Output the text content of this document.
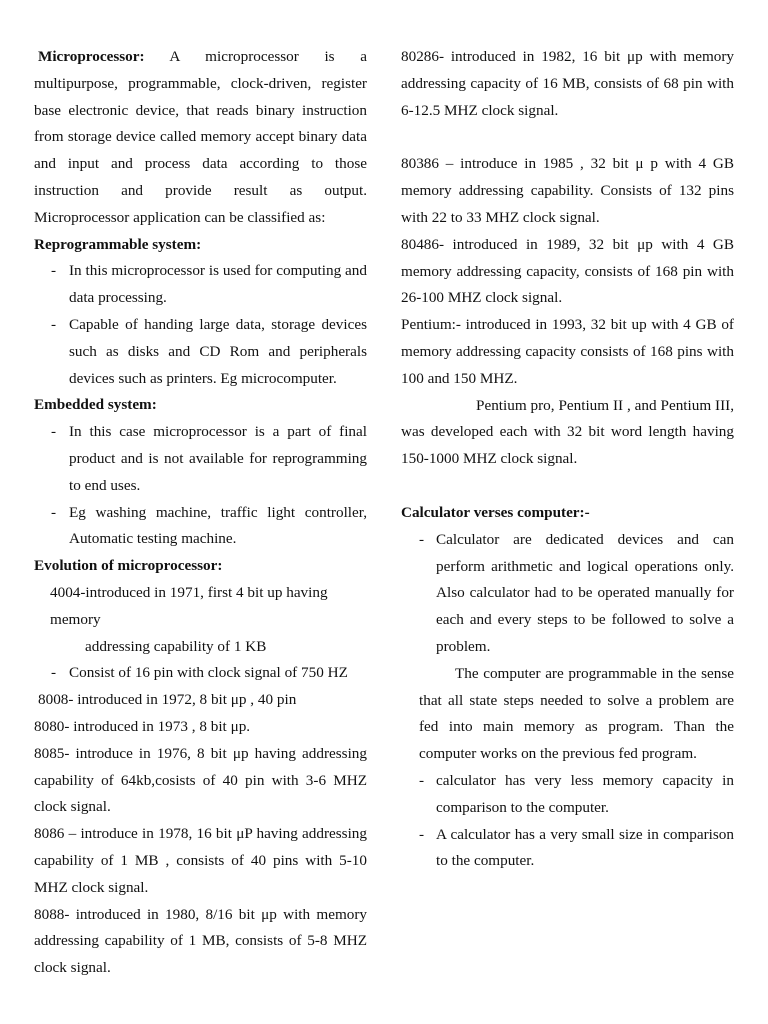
Microprocessor: A microprocessor is a multipurpose, programmable, clock-driven, register base electronic device, that reads binary instruction from storage device called memory accept binary data and input and process data according to those instruction and provide result as output. Microprocessor application can be classified as:

Reprogrammable system:

- In this microprocessor is used for computing and data processing.
- Capable of handing large data, storage devices such as disks and CD Rom and peripherals devices such as printers. Eg microcomputer.

Embedded system:

- In this case microprocessor is a part of final product and is not available for reprogramming to end uses.
- Eg washing machine, traffic light controller, Automatic testing machine.

Evolution of microprocessor:

4004-introduced in 1971, first 4 bit up having memory
addressing capability of 1 KB

- Consist of 16 pin with clock signal of 750 HZ

8008- introduced in 1972, 8 bit μp , 40 pin

8080- introduced in 1973 , 8 bit μp.

8085- introduce in 1976, 8 bit μp having addressing capability of 64kb,cosists of 40 pin with 3-6 MHZ clock signal.

8086 – introduce in 1978, 16 bit μP having addressing capability of 1 MB , consists of 40 pins with 5-10 MHZ clock signal.

8088- introduced in 1980, 8/16 bit μp with memory addressing capability of 1 MB, consists of 5-8 MHZ clock signal.

80286- introduced in 1982, 16 bit μp with memory addressing capacity of 16 MB, consists of 68 pin with 6-12.5 MHZ clock signal.

80386 – introduce in 1985 , 32 bit μ p with 4 GB memory addressing capability. Consists of 132 pins with 22 to 33 MHZ clock signal.

80486- introduced in 1989, 32 bit μp with 4 GB memory addressing capacity, consists of 168 pin with 26-100 MHZ clock signal.

Pentium:- introduced in 1993, 32 bit up with 4 GB of memory addressing capacity consists of 168 pins with 100 and 150 MHZ.

Pentium pro, Pentium II , and Pentium III, was developed each with 32 bit word length having 150-1000 MHZ clock signal.

Calculator verses computer:-

- Calculator are dedicated devices and can perform arithmetic and logical operations only. Also calculator had to be operated manually for each and every steps to be followed to solve a problem.

The computer are programmable in the sense that all state steps needed to solve a problem are fed into main memory as program. Than the computer works on the previous fed program.

- calculator has very less memory capacity in comparison to the computer.
- A calculator has a very small size in comparison to the computer.
